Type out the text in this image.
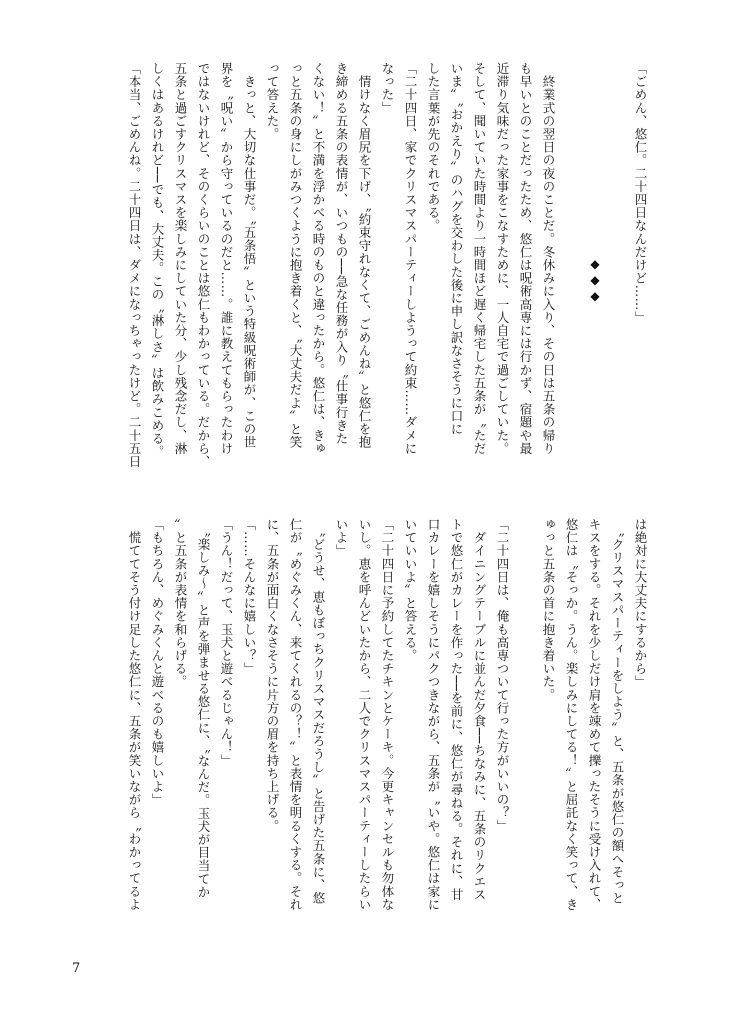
「ごめん、悠仁。二十四日なんだけど……」
◆◆◆
　終業式の翌日の夜のことだ。冬休みに入り、その日は五条の帰り
も早いとのことだったため、悠仁は呪術高専には行かず、宿題や最
近滞り気味だった家事をこなすために、一人自宅で過ごしていた。
そして、聞いていた時間より一時間ほど遅く帰宅した五条が〝ただ
いま〟〝おかえり〟のハグを交わした後に申し訳なさそうに口に
した言葉が先のそれである。
「二十四日、家でクリスマスパーティーしようって約束……ダメに
なった」
　情けなく眉尻を下げ、〝約束守れなくて、ごめんね〟と悠仁を抱
き締める五条の表情が、いつもの──急な任務が入り〝仕事行きた
くない！〟と不満を浮かべる時のものと違ったから。悠仁は、きゅ
っと五条の身にしがみつくように抱き着くと、〝大丈夫だよ〟と笑
って答えた。
　きっと、大切な仕事だ。〝五条悟〟という特級呪術師が、この世
界を〝呪い〟から守っているのだと……。誰に教えてもらったわけ
ではないけれど、そのくらいのことは悠仁もわかっている。だから、
五条と過ごすクリスマスを楽しみにしていた分、少し残念だし、淋
しくはあるけれど──でも、大丈夫。この〝淋しさ〟は飲みこめる。
「本当、ごめんね。二十四日は、ダメになっちゃったけど。二十五日
は絶対に大丈夫にするから」
　〝クリスマスパーティーをしよう〟と、五条が悠仁の額へそっと
キスをする。それを少しだけ肩を竦めて擽ったそうに受け入れて、
悠仁は〝そっか。うん。楽しみにしてる！〟と屈託なく笑って、き
ゅっと五条の首に抱き着いた。
「二十四日は、俺も高専ついて行った方がいいの？」
　ダイニングテーブルに並んだ夕食──ちなみに、五条のリクエス
トで悠仁がカレーを作った──を前に、悠仁が尋ねる。それに、甘
口カレーを嬉しそうにパクつきながら、五条が〝いや。悠仁は家に
いていいよ〟と答える。
「二十四日に予約してたチキンとケーキ。今更キャンセルも勿体な
いし。恵を呼んどいたから、二人でクリスマスパーティーしたらい
いよ」
　〝どうせ、恵もぼっちクリスマスだろうし〟と告げた五条に、悠
仁が〝めぐみくん、来てくれるの？！〟と表情を明るくする。それ
に、五条が面白くなさそうに片方の眉を持ち上げる。
「……そんなに嬉しい？」
「うん！だって、玉犬と遊べるじゃん！」
　〝楽しみ～〟と声を弾ませる悠仁に、〝なんだ。玉犬が目当てか
〟と五条が表情を和らげる。
「もちろん、めぐみくんと遊べるのも嬉しいよ」
　慌ててそう付け足した悠仁に、五条が笑いながら〝わかってるよ
7
